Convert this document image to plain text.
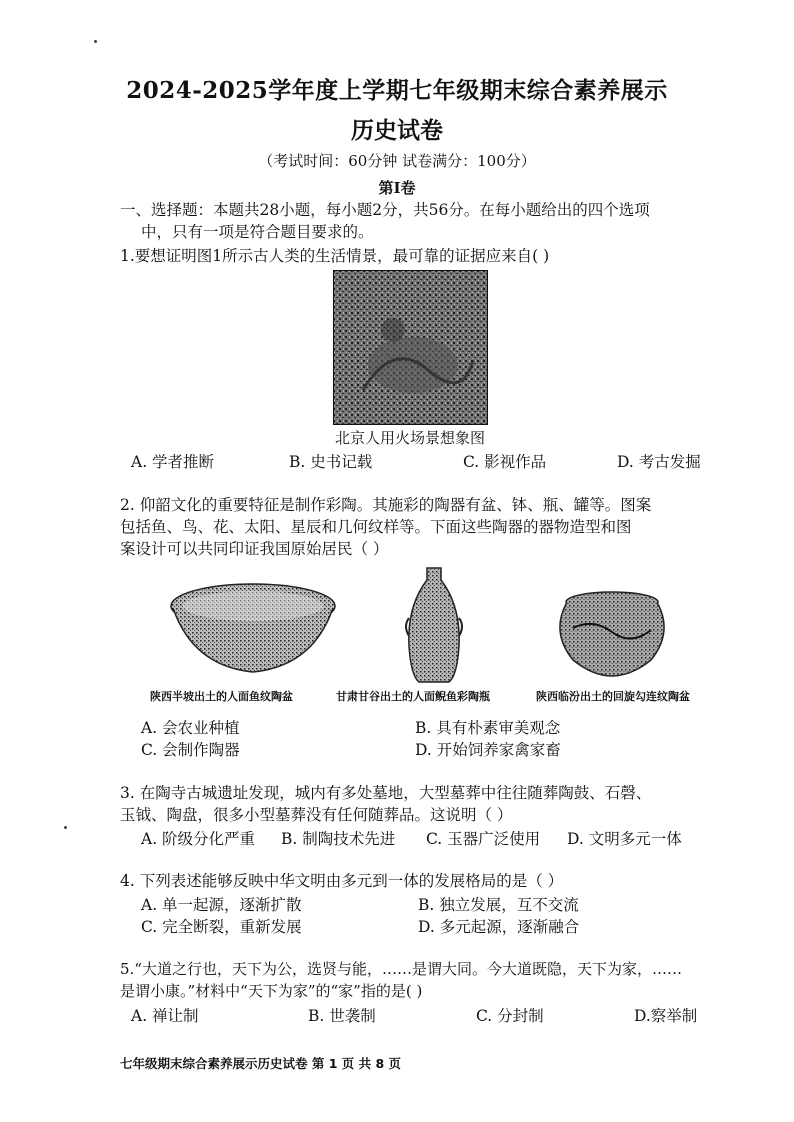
2024-2025学年度上学期七年级期末综合素养展示
历史试卷
（考试时间：60分钟 试卷满分：100分）
第Ⅰ卷
一、选择题：本题共28小题，每小题2分，共56分。在每小题给出的四个选项
中，只有一项是符合题目要求的。
1.要想证明图1所示古人类的生活情景，最可靠的证据应来自( )
北京人用火场景想象图
A. 学者推断	B. 史书记载	C. 影视作品	D. 考古发掘
2. 仰韶文化的重要特征是制作彩陶。其施彩的陶器有盆、钵、瓶、罐等。图案
包括鱼、鸟、花、太阳、星辰和几何纹样等。下面这些陶器的器物造型和图
案设计可以共同印证我国原始居民（ ）
陕西半坡出土的人面鱼纹陶盆	甘肃甘谷出土的人面鲵鱼彩陶瓶	陕西临汾出土的回旋勾连纹陶盆
A. 会农业种植	B. 具有朴素审美观念
C. 会制作陶器	D. 开始饲养家禽家畜
3. 在陶寺古城遗址发现，城内有多处墓地，大型墓葬中往往随葬陶鼓、石磬、
玉钺、陶盘，很多小型墓葬没有任何随葬品。这说明（ ）
A. 阶级分化严重 B. 制陶技术先进 C. 玉器广泛使用 D. 文明多元一体
4. 下列表述能够反映中华文明由多元到一体的发展格局的是（ ）
A. 单一起源，逐渐扩散	B. 独立发展，互不交流
C. 完全断裂，重新发展	D. 多元起源，逐渐融合
5.“大道之行也，天下为公，选贤与能，……是谓大同。今大道既隐，天下为家，……
是谓小康。”材料中“天下为家”的“家”指的是( )
A. 禅让制	B. 世袭制	C. 分封制	D.察举制
七年级期末综合素养展示历史试卷 第 1 页 共 8 页
